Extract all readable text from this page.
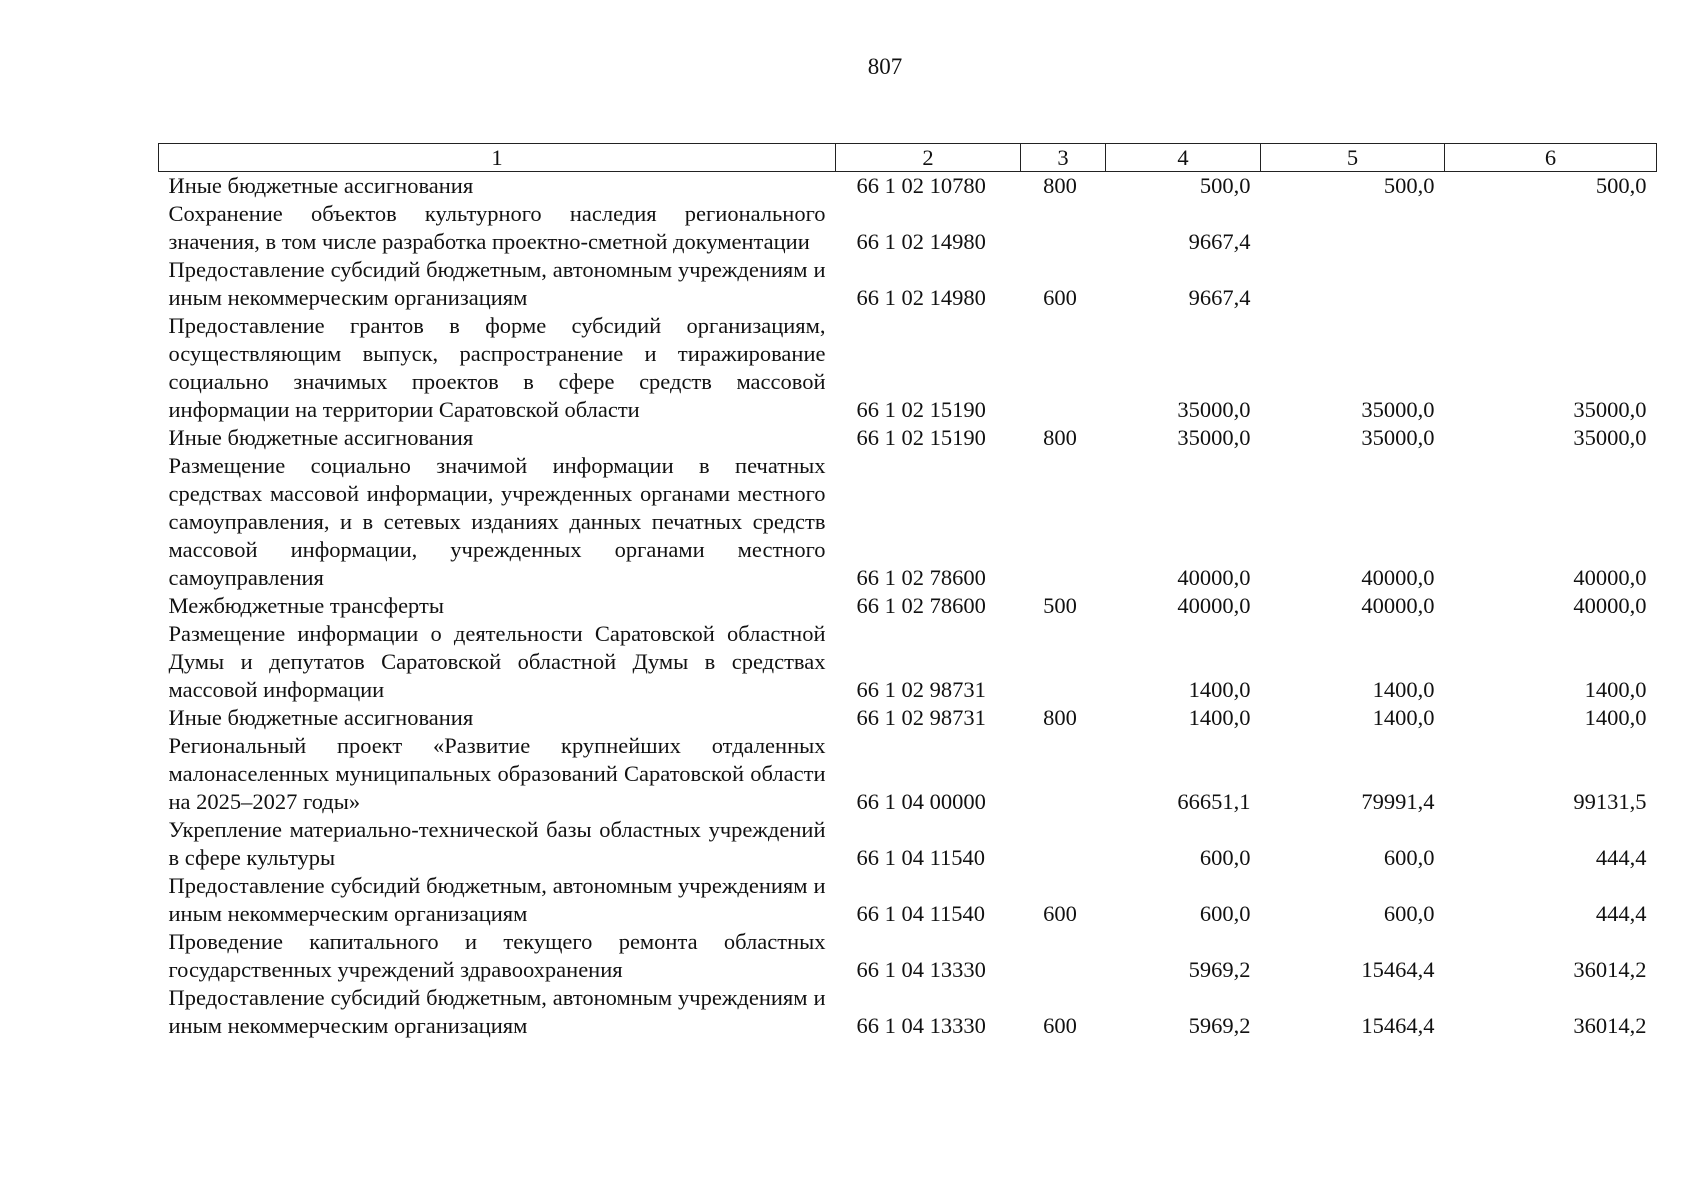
807
1	2	3	4	5	6
Иные бюджетные ассигнования	66 1 02 10780	800	500,0	500,0	500,0
Сохранение объектов культурного наследия регионального значения, в том числе разработка проектно-сметной документации	66 1 02 14980		9667,4		
Предоставление субсидий бюджетным, автономным учреждениям и иным некоммерческим организациям	66 1 02 14980	600	9667,4		
Предоставление грантов в форме субсидий организациям, осуществляющим выпуск, распространение и тиражирование социально значимых проектов в сфере средств массовой информации на территории Саратовской области	66 1 02 15190		35000,0	35000,0	35000,0
Иные бюджетные ассигнования	66 1 02 15190	800	35000,0	35000,0	35000,0
Размещение социально значимой информации в печатных средствах массовой информации, учрежденных органами местного самоуправления, и в сетевых изданиях данных печатных средств массовой информации, учрежденных органами местного самоуправления	66 1 02 78600		40000,0	40000,0	40000,0
Межбюджетные трансферты	66 1 02 78600	500	40000,0	40000,0	40000,0
Размещение информации о деятельности Саратовской областной Думы и депутатов Саратовской областной Думы в средствах массовой информации	66 1 02 98731		1400,0	1400,0	1400,0
Иные бюджетные ассигнования	66 1 02 98731	800	1400,0	1400,0	1400,0
Региональный проект «Развитие крупнейших отдаленных малонаселенных муниципальных образований Саратовской области на 2025–2027 годы»	66 1 04 00000		66651,1	79991,4	99131,5
Укрепление материально-технической базы областных учреждений в сфере культуры	66 1 04 11540		600,0	600,0	444,4
Предоставление субсидий бюджетным, автономным учреждениям и иным некоммерческим организациям	66 1 04 11540	600	600,0	600,0	444,4
Проведение капитального и текущего ремонта областных государственных учреждений здравоохранения	66 1 04 13330		5969,2	15464,4	36014,2
Предоставление субсидий бюджетным, автономным учреждениям и иным некоммерческим организациям	66 1 04 13330	600	5969,2	15464,4	36014,2
